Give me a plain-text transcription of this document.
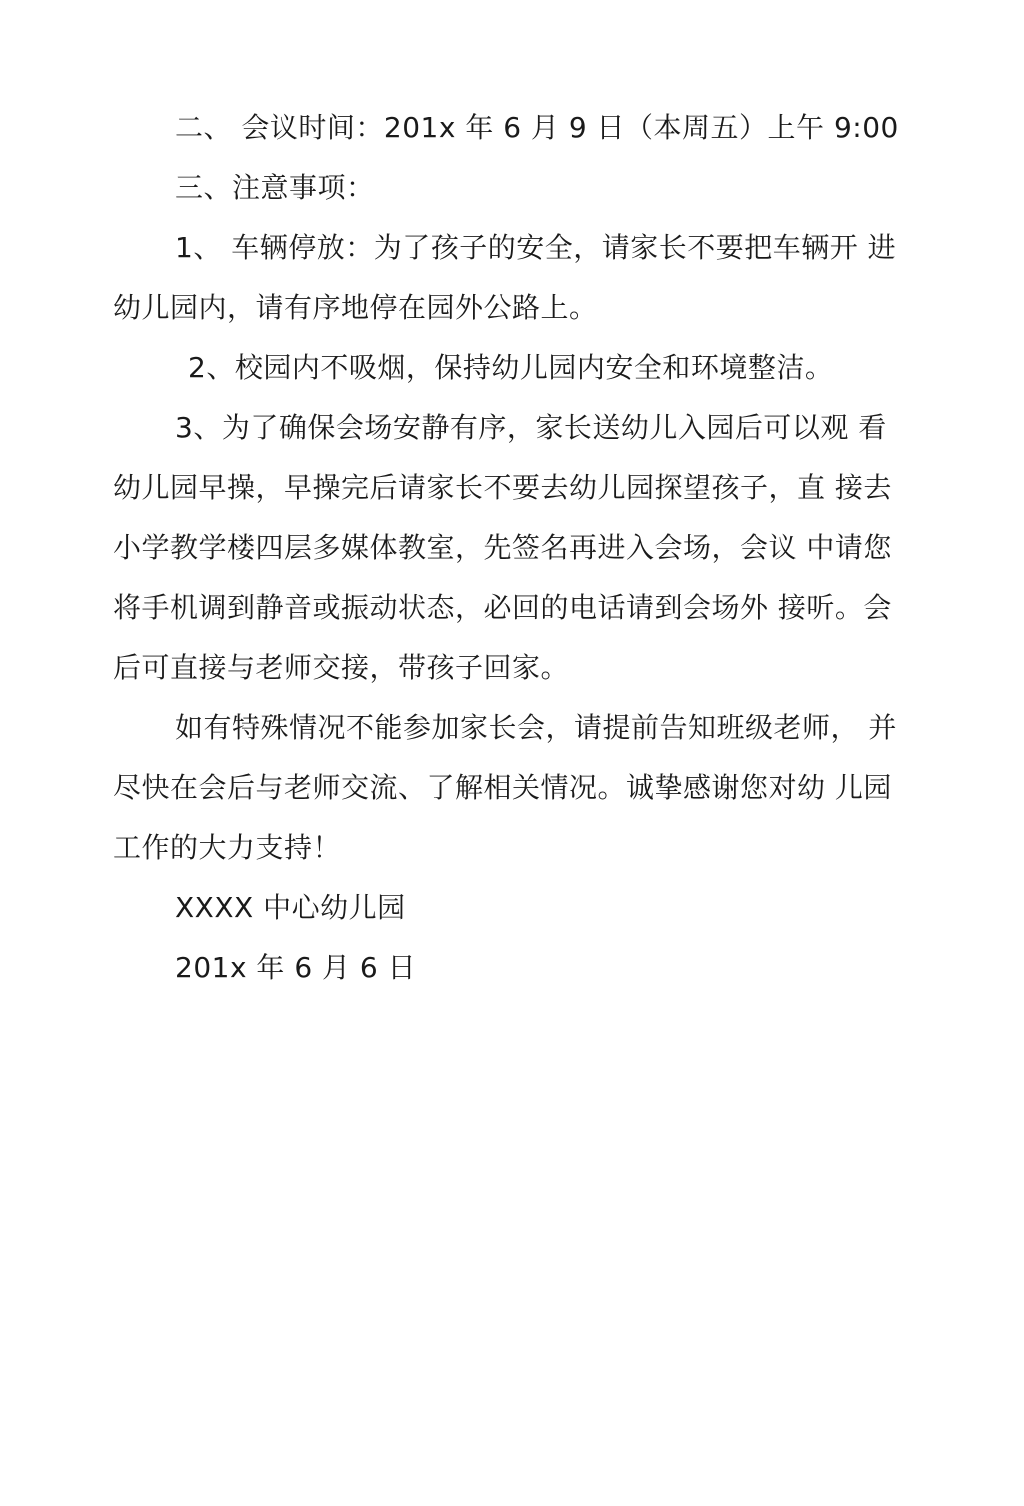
二、 会议时间：201x 年 6 月 9 日（本周五）上午 9:00
三、注意事项：
1、 车辆停放：为了孩子的安全，请家长不要把车辆开 进
幼儿园内，请有序地停在园外公路上。
2、校园内不吸烟，保持幼儿园内安全和环境整洁。
3、为了确保会场安静有序，家长送幼儿入园后可以观 看
幼儿园早操，早操完后请家长不要去幼儿园探望孩子，直 接去
小学教学楼四层多媒体教室，先签名再进入会场，会议 中请您
将手机调到静音或振动状态，必回的电话请到会场外 接听。会
后可直接与老师交接，带孩子回家。
如有特殊情况不能参加家长会，请提前告知班级老师， 并
尽快在会后与老师交流、了解相关情况。诚挚感谢您对幼 儿园
工作的大力支持！
XXXX 中心幼儿园
201x 年 6 月 6 日
